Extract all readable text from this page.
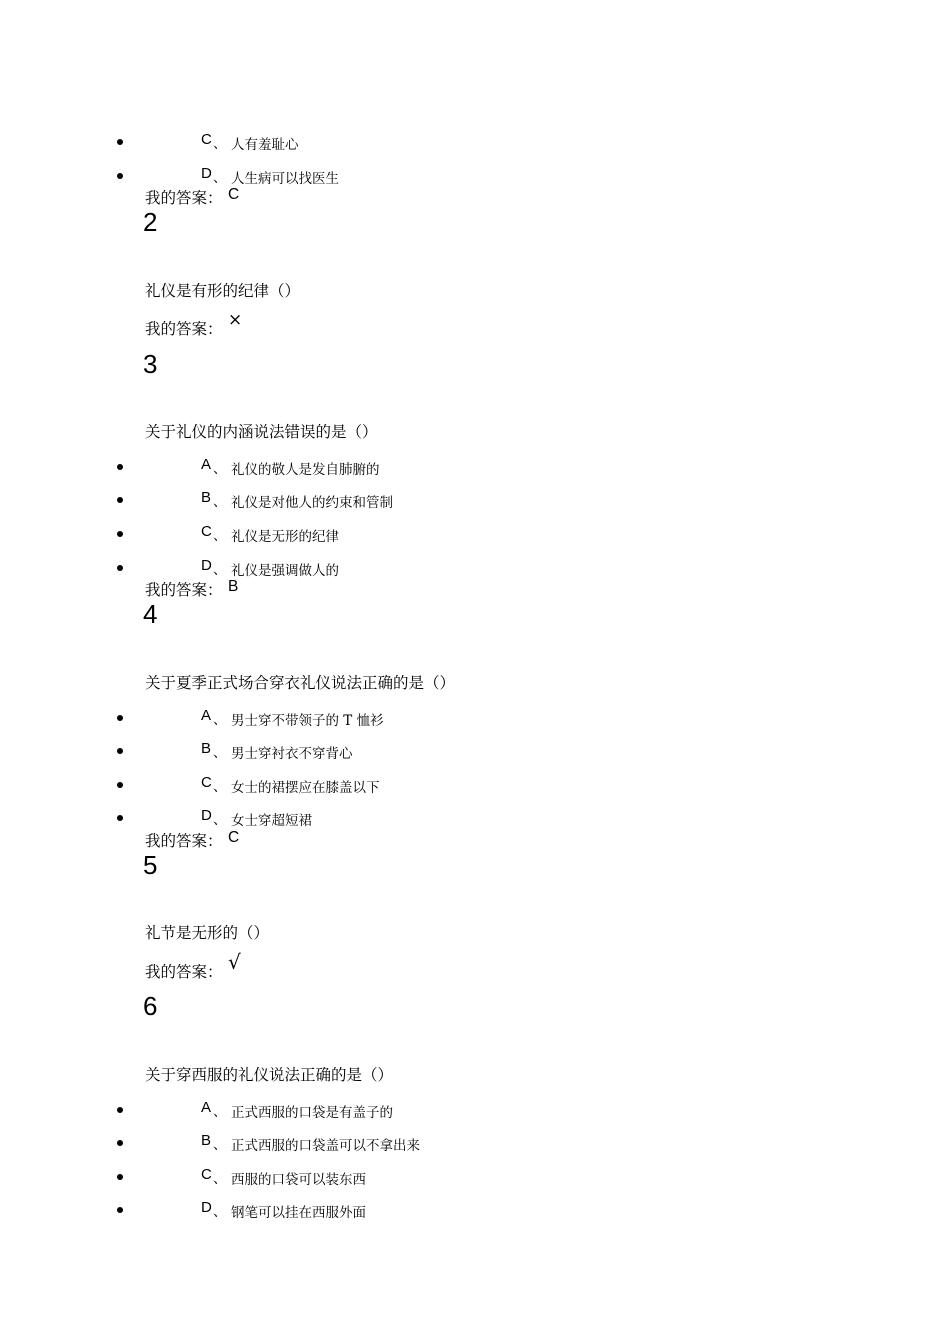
C 、 人有羞耻心
D 、 人生病可以找医生
我的答案： C
2
礼仪是有形的纪律（）
我的答案： ×
3
关于礼仪的内涵说法错误的是（）
A 、 礼仪的敬人是发自肺腑的
B 、 礼仪是对他人的约束和管制
C 、 礼仪是无形的纪律
D 、 礼仪是强调做人的
我的答案： B
4
关于夏季正式场合穿衣礼仪说法正确的是（）
A 、 男士穿不带领子的 T 恤衫
B 、 男士穿衬衣不穿背心
C 、 女士的裙摆应在膝盖以下
D 、 女士穿超短裙
我的答案： C
5
礼节是无形的（）
我的答案： √
6
关于穿西服的礼仪说法正确的是（）
A 、 正式西服的口袋是有盖子的
B 、 正式西服的口袋盖可以不拿出来
C 、 西服的口袋可以装东西
D 、 钢笔可以挂在西服外面
